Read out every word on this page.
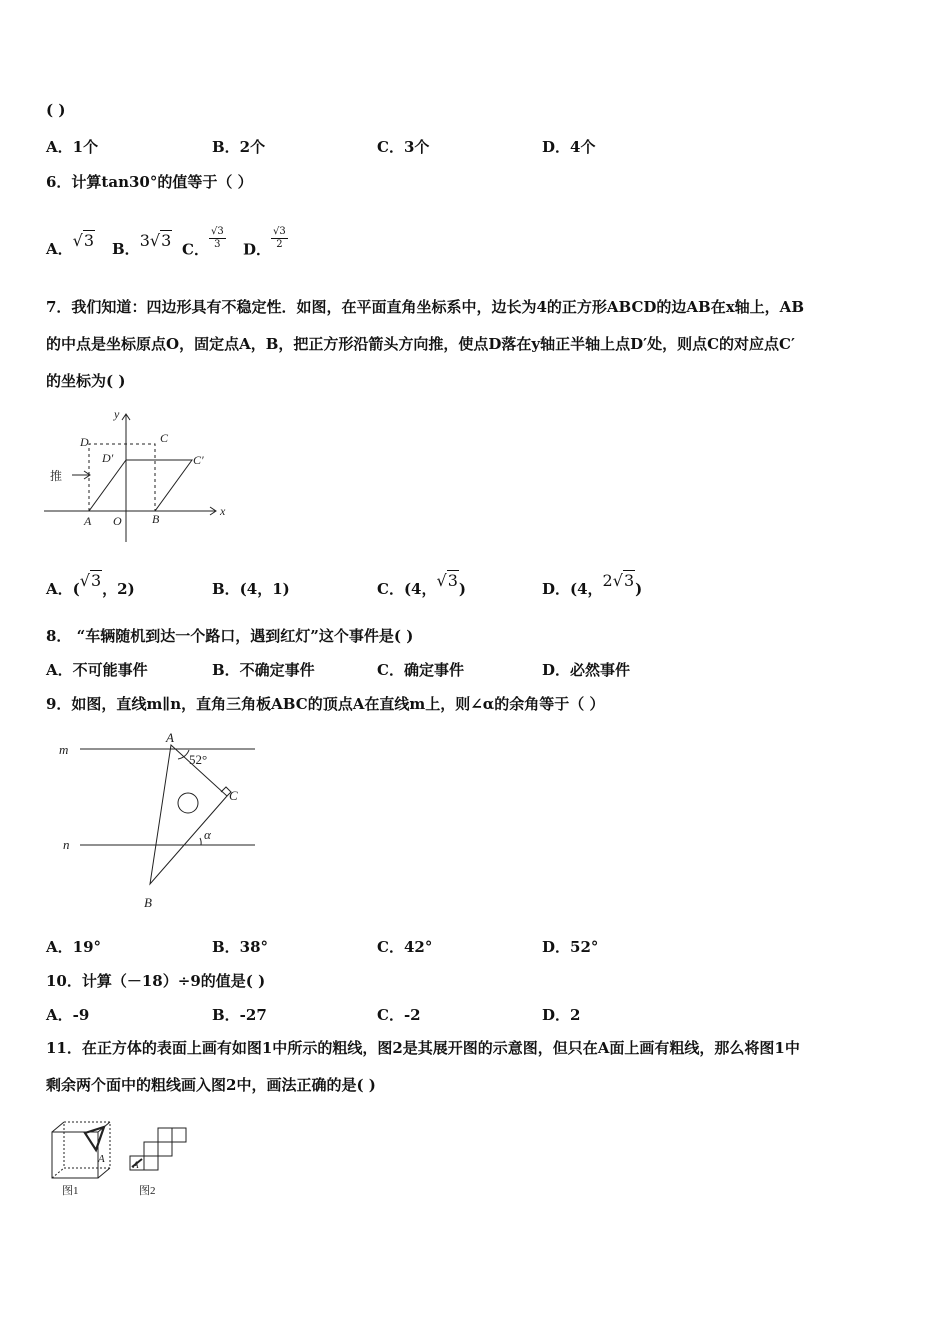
( )
A．1个	B．2个	C．3个	D．4个
6．计算tan30°的值等于（ ）
A．√3 B．3√3 C． $\frac{√3}{3}$ D． $\frac{√3}{2}$
7．我们知道：四边形具有不稳定性．如图，在平面直角坐标系中，边长为4的正方形ABCD的边AB在x轴上，AB
的中点是坐标原点O，固定点A，B，把正方形沿箭头方向推，使点D落在y轴正半轴上点D′处，则点C的对应点C′
的坐标为( )
y
x
D	C
D′	C′
A O	B
推
A．(√3，2)	B．(4，1)	C．(4，√3)	D．(4，2√3)
8． “车辆随机到达一个路口，遇到红灯”这个事件是( )
A．不可能事件	B．不确定事件	C．确定事件	D．必然事件
9．如图，直线m∥n，直角三角板ABC的顶点A在直线m上，则∠α的余角等于（ ）
m
n
A
B
C
52°
α
A．19°	B．38°	C．42°	D．52°
10．计算（－18）÷9的值是( )
A．-9	B．-27	C．-2	D．2
11．在正方体的表面上画有如图1中所示的粗线，图2是其展开图的示意图，但只在A面上画有粗线，那么将图1中
剩余两个面中的粗线画入图2中，画法正确的是( )
A	A
图1	图2
